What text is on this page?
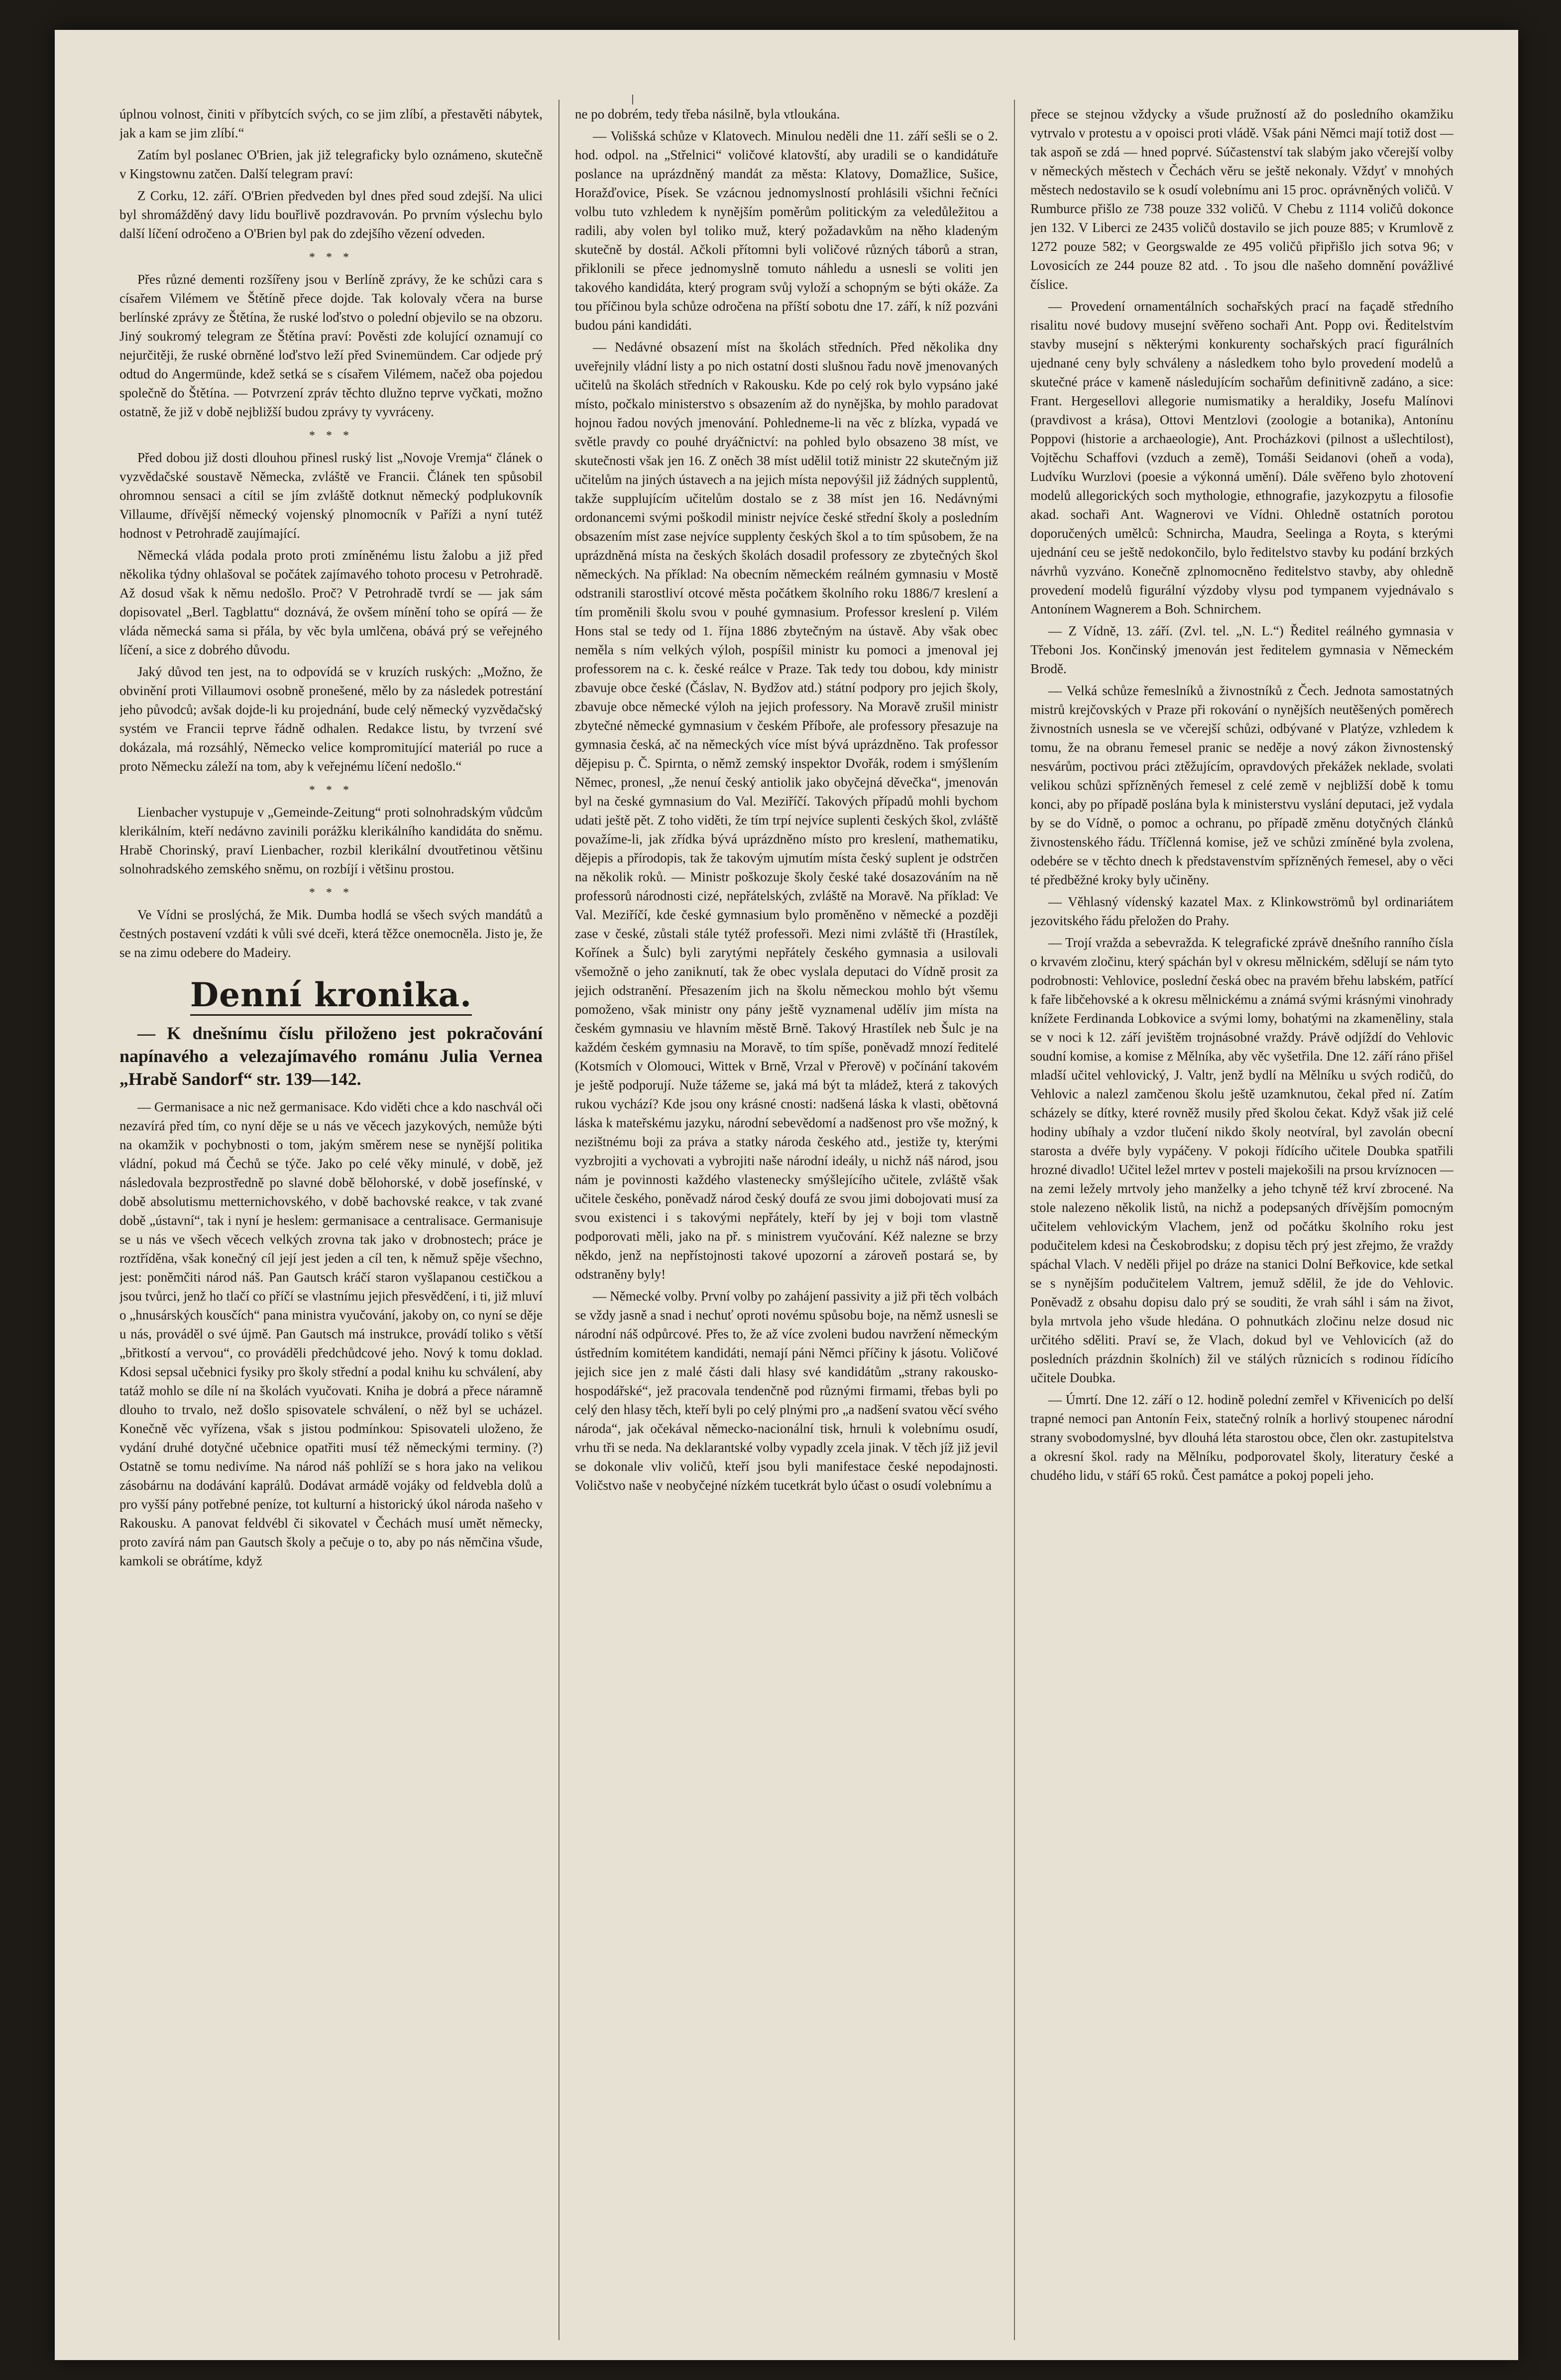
úplnou volnost, činiti v příbytcích svých, co se jim zlíbí, a přestavěti nábytek, jak a kam se jim zlíbí.“

Zatím byl poslanec O'Brien, jak již telegraficky bylo oznámeno, skutečně v Kingstownu zatčen. Další telegram praví:

Z Corku, 12. září. O'Brien předveden byl dnes před soud zdejší. Na ulici byl shromážděný davy lidu bouřlivě pozdravován. Po prvním výslechu bylo další líčení odročeno a O'Brien byl pak do zdejšího vězení odveden.

* * *

Přes různé dementi rozšířeny jsou v Berlíně zprávy, že ke schůzi cara s císařem Vilémem ve Štětíně přece dojde. Tak kolovaly včera na burse berlínské zprávy ze Štětína, že ruské loďstvo o polední objevilo se na obzoru. Jiný soukromý telegram ze Štětína praví: Pověsti zde kolující oznamují co nejurčitěji, že ruské obrněné loďstvo leží před Svinemündem. Car odjede prý odtud do Angermünde, kdež setká se s císařem Vilémem, načež oba pojedou společně do Štětína. — Potvrzení zpráv těchto dlužno teprve vyčkati, možno ostatně, že již v době nejbližší budou zprávy ty vyvráceny.

* * *

Před dobou již dosti dlouhou přinesl ruský list „Novoje Vremja“ článek o vyzvědačské soustavě Německa, zvláště ve Francii. Článek ten spůsobil ohromnou sensaci a cítil se jím zvláště dotknut německý podplukovník Villaume, dřívější německý vojenský plnomocník v Paříži a nyní tutéž hodnost v Petrohradě zaujímající.

Německá vláda podala proto proti zmíněnému listu žalobu a již před několika týdny ohlašoval se počátek zajímavého tohoto procesu v Petrohradě. Až dosud však k němu nedošlo. Proč? V Petrohradě tvrdí se — jak sám dopisovatel „Berl. Tagblattu“ doznává, že ovšem mínění toho se opírá — že vláda německá sama si přála, by věc byla umlčena, obává prý se veřejného líčení, a sice z dobrého důvodu.

Jaký důvod ten jest, na to odpovídá se v kruzích ruských: „Možno, že obvinění proti Villaumovi osobně pronešené, mělo by za následek potrestání jeho původců; avšak dojde-li ku projednání, bude celý německý vyzvědačský systém ve Francii teprve řádně odhalen. Redakce listu, by tvrzení své dokázala, má rozsáhlý, Německo velice kompromitující materiál po ruce a proto Německu záleží na tom, aby k veřejnému líčení nedošlo.“

* * *

Lienbacher vystupuje v „Gemeinde-Zeitung“ proti solnohradským vůdcům klerikálním, kteří nedávno zavinili porážku klerikálního kandidáta do sněmu. Hrabě Chorinský, praví Lienbacher, rozbil klerikální dvoutřetinou většinu solnohradského zemského sněmu, on rozbíjí i většinu prostou.

* * *

Ve Vídni se proslýchá, že Mik. Dumba hodlá se všech svých mandátů a čestných postavení vzdáti k vůli své dceři, která těžce onemocněla. Jisto je, že se na zimu odebere do Madeiry.

Denní kronika.

— K dnešnímu číslu přiloženo jest pokračování napínavého a velezajímavého románu Julia Vernea „Hrabě Sandorf“ str. 139—142.

— Germanisace a nic než germanisace. Kdo viděti chce a kdo naschvál oči nezavírá před tím, co nyní děje se u nás ve věcech jazykových, nemůže býti na okamžik v pochybnosti o tom, jakým směrem nese se nynější politika vládní, pokud má Čechů se týče. Jako po celé věky minulé, v době, jež následovala bezprostředně po slavné době bělohorské, v době josefínské, v době absolutismu metternichovského, v době bachovské reakce, v tak zvané době „ústavní“, tak i nyní je heslem: germanisace a centralisace. Germanisuje se u nás ve všech věcech velkých zrovna tak jako v drobnostech; práce je roztříděna, však konečný cíl její jest jeden a cíl ten, k němuž spěje všechno, jest: poněmčiti národ náš. Pan Gautsch kráčí staron vyšlapanou cestičkou a jsou tvůrci, jenž ho tlačí co příčí se vlastnímu jejich přesvědčení, i ti, již mluví o „hnusárských kousčích“ pana ministra vyučování, jakoby on, co nyní se děje u nás, prováděl o své újmě. Pan Gautsch má instrukce, provádí toliko s větší „břitkostí a vervou“, co prováděli předchůdcové jeho. Nový k tomu doklad. Kdosi sepsal učebnici fysiky pro školy střední a podal knihu ku schválení, aby tatáž mohlo se díle ní na školách vyučovati. Kniha je dobrá a přece náramně dlouho to trvalo, než došlo spisovatele schválení, o něž byl se ucházel. Konečně věc vyřízena, však s jistou podmínkou: Spisovateli uloženo, že vydání druhé dotyčné učebnice opatřiti musí též německými terminy. (?) Ostatně se tomu nedivíme. Na národ náš pohlíží se s hora jako na velikou zásobárnu na dodávání kaprálů. Dodávat armádě vojáky od feldvebla dolů a pro vyšší pány potřebné peníze, tot kulturní a historický úkol národa našeho v Rakousku. A panovat feldvébl či sikovatel v Čechách musí umět německy, proto zavírá nám pan Gautsch školy a pečuje o to, aby po nás němčina všude, kamkoli se obrátíme, když

ne po dobrém, tedy třeba násilně, byla vtloukána.

— Volišská schůze v Klatovech. Minulou neděli dne 11. září sešli se o 2. hod. odpol. na „Střelnici“ voličové klatovští, aby uradili se o kandidátuře poslance na uprázdněný mandát za města: Klatovy, Domažlice, Sušice, Horažďovice, Písek. Se vzácnou jednomyslností prohlásili všichni řečníci volbu tuto vzhledem k nynějším poměrům politickým za veledůležitou a radili, aby volen byl toliko muž, který požadavkům na něho kladeným skutečně by dostál. Ačkoli přítomni byli voličové různých táborů a stran, přiklonili se přece jednomyslně tomuto náhledu a usnesli se voliti jen takového kandidáta, který program svůj vyloží a schopným se býti okáže. Za tou příčinou byla schůze odročena na příští sobotu dne 17. září, k níž pozváni budou páni kandidáti.

— Nedávné obsazení míst na školách středních. Před několika dny uveřejnily vládní listy a po nich ostatní dosti slušnou řadu nově jmenovaných učitelů na školách středních v Rakousku. Kde po celý rok bylo vypsáno jaké místo, počkalo ministerstvo s obsazením až do nynějška, by mohlo paradovat hojnou řadou nových jmenování. Pohledneme-li na věc z blízka, vypadá ve světle pravdy co pouhé dryáčnictví: na pohled bylo obsazeno 38 míst, ve skutečnosti však jen 16. Z oněch 38 míst udělil totiž ministr 22 skutečným již učitelům na jiných ústavech a na jejich místa nepovýšil již žádných supplentů, takže supplujícím učitelům dostalo se z 38 míst jen 16. Nedávnými ordonancemi svými poškodil ministr nejvíce české střední školy a posledním obsazením míst zase nejvíce supplenty českých škol a to tím spůsobem, že na uprázdněná místa na českých školách dosadil professory ze zbytečných škol německých. Na příklad: Na obecním německém reálném gymnasiu v Mostě odstranili starostliví otcové města počátkem školního roku 1886/7 kreslení a tím proměnili školu svou v pouhé gymnasium. Professor kreslení p. Vilém Hons stal se tedy od 1. října 1886 zbytečným na ústavě. Aby však obec neměla s ním velkých výloh, pospíšil ministr ku pomoci a jmenoval jej professorem na c. k. české reálce v Praze. Tak tedy tou dobou, kdy ministr zbavuje obce české (Čáslav, N. Bydžov atd.) státní podpory pro jejich školy, zbavuje obce německé výloh na jejich professory. Na Moravě zrušil ministr zbytečné německé gymnasium v českém Příboře, ale professory přesazuje na gymnasia česká, ač na německých více míst bývá uprázdněno. Tak professor dějepisu p. Č. Spirnta, o němž zemský inspektor Dvořák, rodem i smýšlením Němec, pronesl, „že nenuí český antiolik jako obyčejná děvečka“, jmenován byl na české gymnasium do Val. Meziříčí. Takových případů mohli bychom udati ještě pět. Z toho viděti, že tím trpí nejvíce suplenti českých škol, zvláště považíme-li, jak zřídka bývá uprázdněno místo pro kreslení, mathematiku, dějepis a přírodopis, tak že takovým ujmutím místa český suplent je odstrčen na několik roků. — Ministr poškozuje školy české také dosazováním na ně professorů národnosti cizé, nepřátelských, zvláště na Moravě. Na příklad: Ve Val. Meziříčí, kde české gymnasium bylo proměněno v německé a později zase v české, zůstali stále tytéž professoři. Mezi nimi zvláště tři (Hrastílek, Kořínek a Šulc) byli zarytými nepřátely českého gymnasia a usilovali všemožně o jeho zaniknutí, tak že obec vyslala deputaci do Vídně prosit za jejich odstranění. Přesazením jich na školu německou mohlo být všemu pomoženo, však ministr ony pány ještě vyznamenal udělív jim místa na českém gymnasiu ve hlavním městě Brně. Takový Hrastílek neb Šulc je na každém českém gymnasiu na Moravě, to tím spíše, poněvadž mnozí ředitelé (Kotsmích v Olomouci, Wittek v Brně, Vrzal v Přerově) v počínání takovém je ještě podporují. Nuže tážeme se, jaká má být ta mládež, která z takových rukou vychází? Kde jsou ony krásné cnosti: nadšená láska k vlasti, obětovná láska k mateřskému jazyku, národní sebevědomí a nadšenost pro vše možný, k nezištnému boji za práva a statky národa českého atd., jestiže ty, kterými vyzbrojiti a vychovati a vybrojiti naše národní ideály, u nichž náš národ, jsou nám je povinnosti každého vlastenecky smýšlejícího učitele, zvláště však učitele českého, poněvadž národ český doufá ze svou jimi dobojovati musí za svou existenci i s takovými nepřátely, kteří by jej v boji tom vlastně podporovati měli, jako na př. s ministrem vyučování. Kéž nalezne se brzy někdo, jenž na nepřístojnosti takové upozorní a zároveň postará se, by odstraněny byly!

— Německé volby. První volby po zahájení passivity a již při těch volbách se vždy jasně a snad i nechuť oproti novému spůsobu boje, na němž usnesli se národní náš odpůrcové. Přes to, že až více zvoleni budou navržení německým ústředním komitétem kandidáti, nemají páni Němci příčiny k jásotu. Voličové jejich sice jen z malé části dali hlasy své kandidátům „strany rakousko-hospodářské“, jež pracovala tendenčně pod různými firmami, třebas byli po celý den hlasy těch, kteří byli po celý plnými pro „a nadšení svatou věcí svého národa“, jak očekával německo-nacionální tisk, hrnuli k volebnímu osudí, vrhu tři se neda. Na deklarantské volby vypadly zcela jinak. V těch jíž již jevil se dokonale vliv voličů, kteří jsou byli manifestace české nepodajnosti. Voličstvo naše v neobyčejné nízkém tucetkrát bylo účast o osudí volebnímu a

přece se stejnou vždycky a všude pružností až do posledního okamžiku vytrvalo v protestu a v opoisci proti vládě. Však páni Němci mají totiž dost — tak aspoň se zdá — hned poprvé. Súčastenství tak slabým jako včerejší volby v německých městech v Čechách věru se ještě nekonaly. Vždyť v mnohých městech nedostavilo se k osudí volebnímu ani 15 proc. oprávněných voličů. V Rumburce přišlo ze 738 pouze 332 voličů. V Chebu z 1114 voličů dokonce jen 132. V Liberci ze 2435 voličů dostavilo se jich pouze 885; v Krumlově z 1272 pouze 582; v Georgswalde ze 495 voličů připřišlo jich sotva 96; v Lovosicích ze 244 pouze 82 atd. . To jsou dle našeho domnění povážlivé číslice.

— Provedení ornamentálních sochařských prací na façadě středního risalitu nové budovy musejní svěřeno sochaři Ant. Popp ovi. Ředitelstvím stavby musejní s některými konkurenty sochařských prací figurálních ujednané ceny byly schváleny a následkem toho bylo provedení modelů a skutečné práce v kameně následujícím sochařům definitivně zadáno, a sice: Frant. Hergesellovi allegorie numismatiky a heraldiky, Josefu Malínovi (pravdivost a krása), Ottovi Mentzlovi (zoologie a botanika), Antonínu Poppovi (historie a archaeologie), Ant. Procházkovi (pilnost a ušlechtilost), Vojtěchu Schaffovi (vzduch a země), Tomáši Seidanovi (oheň a voda), Ludvíku Wurzlovi (poesie a výkonná umění). Dále svěřeno bylo zhotovení modelů allegorických soch mythologie, ethnografie, jazykozpytu a filosofie akad. sochaři Ant. Wagnerovi ve Vídni. Ohledně ostatních porotou doporučených umělců: Schnircha, Maudra, Seelinga a Royta, s kterými ujednání ceu se ještě nedokončilo, bylo ředitelstvo stavby ku podání brzkých návrhů vyzváno. Konečně zplnomocněno ředitelstvo stavby, aby ohledně provedení modelů figurální výzdoby vlysu pod tympanem vyjednávalo s Antonínem Wagnerem a Boh. Schnirchem.

— Z Vídně, 13. září. (Zvl. tel. „N. L.“) Ředitel reálného gymnasia v Třeboni Jos. Končinský jmenován jest ředitelem gymnasia v Německém Brodě.

— Velká schůze řemeslníků a živnostníků z Čech. Jednota samostatných mistrů krejčovských v Praze při rokování o nynějších neutěšených poměrech živnostních usnesla se ve včerejší schůzi, odbývané v Platýze, vzhledem k tomu, že na obranu řemesel pranic se neděje a nový zákon živnostenský nesvárům, poctivou práci ztěžujícím, opravdových překážek neklade, svolati velikou schůzi spřízněných řemesel z celé země v nejbližší době k tomu konci, aby po případě poslána byla k ministerstvu vyslání deputaci, jež vydala by se do Vídně, o pomoc a ochranu, po případě změnu dotyčných článků živnostenského řádu. Tříčlenná komise, jež ve schůzi zmíněné byla zvolena, odebére se v těchto dnech k představenstvím spřízněných řemesel, aby o věci té předběžné kroky byly učiněny.

— Věhlasný vídenský kazatel Max. z Klinkowströmů byl ordinariátem jezovitského řádu přeložen do Prahy.

— Trojí vražda a sebevražda. K telegrafické zprávě dnešního ranního čísla o krvavém zločinu, který spáchán byl v okresu mělnickém, sdělují se nám tyto podrobnosti: Vehlovice, poslední česká obec na pravém břehu labském, patřící k faře libčehovské a k okresu mělnickému a známá svými krásnými vinohrady knížete Ferdinanda Lobkovice a svými lomy, bohatými na zkameněliny, stala se v noci k 12. září jevištěm trojnásobné vraždy. Právě odjíždí do Vehlovic soudní komise, a komise z Mělníka, aby věc vyšetřila. Dne 12. září ráno přišel mladší učitel vehlovický, J. Valtr, jenž bydlí na Mělníku u svých rodičů, do Vehlovic a nalezl zamčenou školu ještě uzamknutou, čekal před ní. Zatím scházely se dítky, které rovněž musily před školou čekat. Když však již celé hodiny ubíhaly a vzdor tlučení nikdo školy neotvíral, byl zavolán obecní starosta a dvéře byly vypáčeny. V pokoji řídícího učitele Doubka spatřili hrozné divadlo! Učitel ležel mrtev v posteli majekošili na prsou krvíznocen — na zemi ležely mrtvoly jeho manželky a jeho tchyně též krví zbrocené. Na stole nalezeno několik listů, na nichž a podepsaných dřívějším pomocným učitelem vehlovickým Vlachem, jenž od počátku školního roku jest podučitelem kdesi na Českobrodsku; z dopisu těch prý jest zřejmo, že vraždy spáchal Vlach. V neděli přijel po dráze na stanici Dolní Beřkovice, kde setkal se s nynějším podučitelem Valtrem, jemuž sdělil, že jde do Vehlovic. Poněvadž z obsahu dopisu dalo prý se souditi, že vrah sáhl i sám na život, byla mrtvola jeho všude hledána. O pohnutkách zločinu nelze dosud nic určitého sděliti. Praví se, že Vlach, dokud byl ve Vehlovicích (až do posledních prázdnin školních) žil ve stálých různicích s rodinou řídícího učitele Doubka.

— Úmrtí. Dne 12. září o 12. hodině polední zemřel v Křivenicích po delší trapné nemoci pan Antonín Feix, statečný rolník a horlivý stoupenec národní strany svobodomyslné, byv dlouhá léta starostou obce, člen okr. zastupitelstva a okresní škol. rady na Mělníku, podporovatel školy, literatury české a chudého lidu, v stáří 65 roků. Čest památce a pokoj popeli jeho.
